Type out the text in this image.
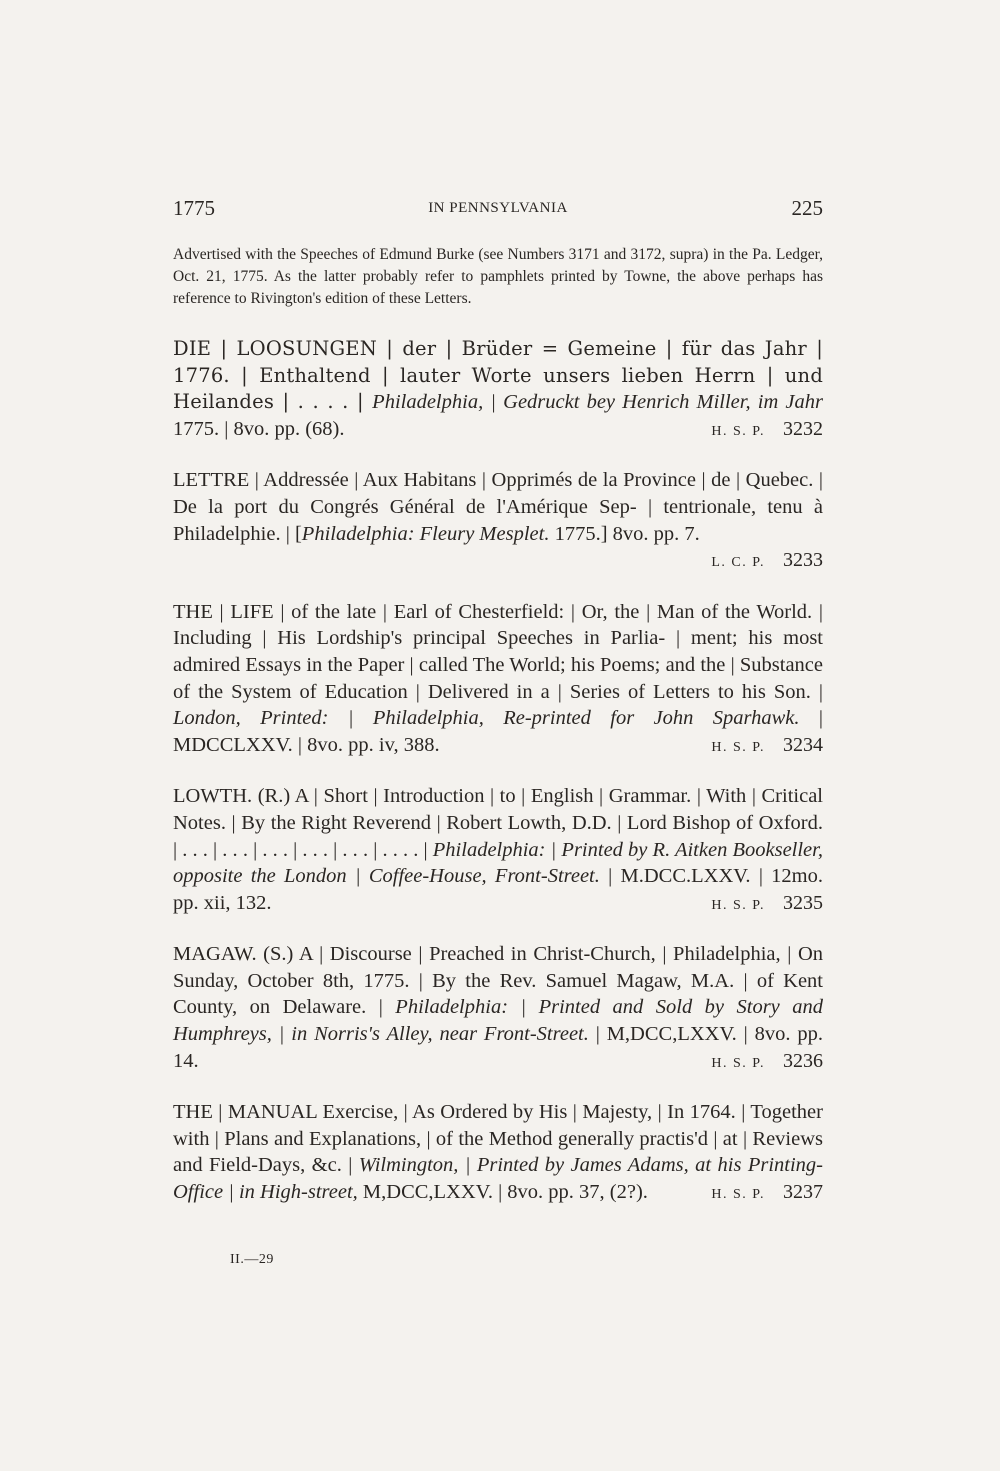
1775	IN PENNSYLVANIA	225

Advertised with the Speeches of Edmund Burke (see Numbers 3171 and 3172, supra) in the Pa. Ledger, Oct. 21, 1775. As the latter probably refer to pamphlets printed by Towne, the above perhaps has reference to Rivington's edition of these Letters.

DIE | LOOSUNGEN | der | Brüder = Gemeine | für das Jahr | 1776. | Enthaltend | lauter Worte unsers lieben Herrn | und Heilandes | . . . . | Philadelphia, | Gedruckt bey Henrich Miller, im Jahr 1775. | 8vo. pp. (68).	H. S. P. 3232

LETTRE | Addressée | Aux Habitans | Opprimés de la Province | de | Quebec. | De la port du Congrés Général de l'Amérique Sep- | tentrionale, tenu à Philadelphie. | [Philadelphia: Fleury Mesplet. 1775.] 8vo. pp. 7.
L. C. P. 3233

THE | LIFE | of the late | Earl of Chesterfield: | Or, the | Man of the World. | Including | His Lordship's principal Speeches in Parlia- | ment; his most admired Essays in the Paper | called The World; his Poems; and the | Substance of the System of Education | Delivered in a | Series of Letters to his Son. | London, Printed: | Philadelphia, Re-printed for John Sparhawk. | MDCCLXXV. | 8vo. pp. iv, 388.	H. S. P. 3234

LOWTH. (R.) A | Short | Introduction | to | English | Grammar. | With | Critical Notes. | By the Right Reverend | Robert Lowth, D.D. | Lord Bishop of Oxford. | . . . | . . . | . . . | . . . | . . . | . . . . | Philadelphia: | Printed by R. Aitken Bookseller, opposite the London | Coffee-House, Front-Street. | M.DCC.LXXV. | 12mo. pp. xii, 132.	H. S. P. 3235

MAGAW. (S.) A | Discourse | Preached in Christ-Church, | Philadelphia, | On Sunday, October 8th, 1775. | By the Rev. Samuel Magaw, M.A. | of Kent County, on Delaware. | Philadelphia: | Printed and Sold by Story and Humphreys, | in Norris's Alley, near Front-Street. | M,DCC,LXXV. | 8vo. pp. 14.	H. S. P. 3236

THE | MANUAL Exercise, | As Ordered by His | Majesty, | In 1764. | Together with | Plans and Explanations, | of the Method generally practis'd | at | Reviews and Field-Days, &c. | Wilmington, | Printed by James Adams, at his Printing-Office | in High-street, M,DCC,LXXV. | 8vo. pp. 37, (2?).	H. S. P. 3237

II.—29
